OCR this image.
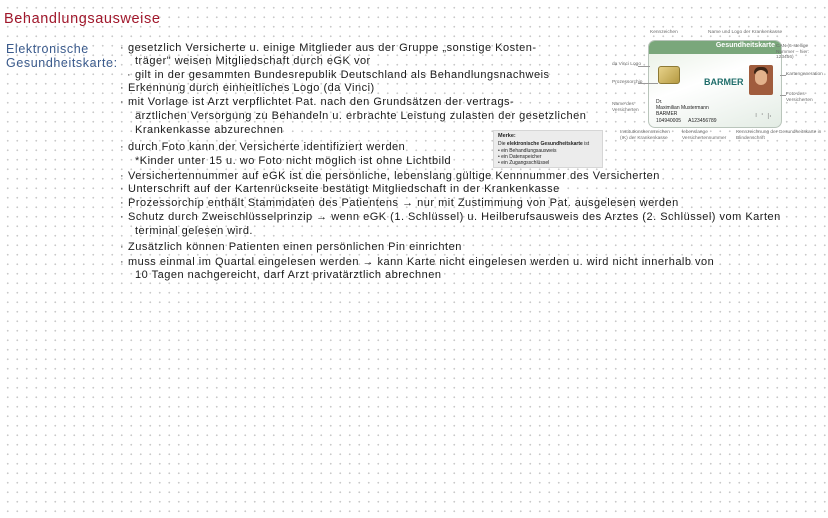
Behandlungsausweise
Elektronische
Gesundheitskarte:
· gesetzlich Versicherte u. einige Mitglieder aus der Gruppe „sonstige Kosten-
träger" weisen Mitgliedschaft durch eGK vor
· gilt in der gesammten Bundesrepublik Deutschland als Behandlungsnachweis
· Erkennung durch einheitliches Logo (da Vinci)
· mit Vorlage ist Arzt verpflichtet Pat. nach den Grundsätzen der vertrags-
ärztlichen Versorgung zu Behandeln u. erbrachte Leistung zulasten der gesetzlichen
Krankenkasse abzurechnen
· durch Foto kann der Versicherte identifiziert werden
*Kinder unter 15 u. wo Foto nicht möglich ist ohne Lichtbild
· Versichertennummer auf eGK ist die persönliche, lebenslang gültige Kennnummer des Versicherten
· Unterschrift auf der Kartenrückseite bestätigt Mitgliedschaft in der Krankenkasse
· Prozessorchip enthält Stammdaten des Patientens → nur mit Zustimmung von Pat. ausgelesen werden
· Schutz durch Zweischlüsselprinzip → wenn eGK (1. Schlüssel) u. Heilberufsausweis des Arztes (2. Schlüssel) vom Karten
terminal gelesen wird.
· Zusätzlich können Patienten einen persönlichen Pin einrichten
· muss einmal im Quartal eingelesen werden → kann Karte nicht eingelesen werden u. wird nicht innerhalb von
10 Tagen nachgereicht, darf Arzt privatärztlich abrechnen
Gesundheitskarte
BARMER
Dr.
Maximilian Mustermann
BARMER
104940005 A123456789	⠃⠁⠗
Kennzeichen	Name und Logo der Krankenkasse
CAN (6-stellige Nummer – hier: 123456)
da Vinci Logo
Prozessorchip
Kartengeneration
Foto des Versicherten
Name des Versicherten
Institutionskennzeichen (IK) der Krankenkasse
lebenslange Versichertennummer
Kennzeichnung der Gesundheitskarte in Blindenschrift
Merke:
Die elektronische Gesundheitskarte ist
• ein Behandlungsausweis
• ein Datenspeicher
• ein Zugangsschlüssel
